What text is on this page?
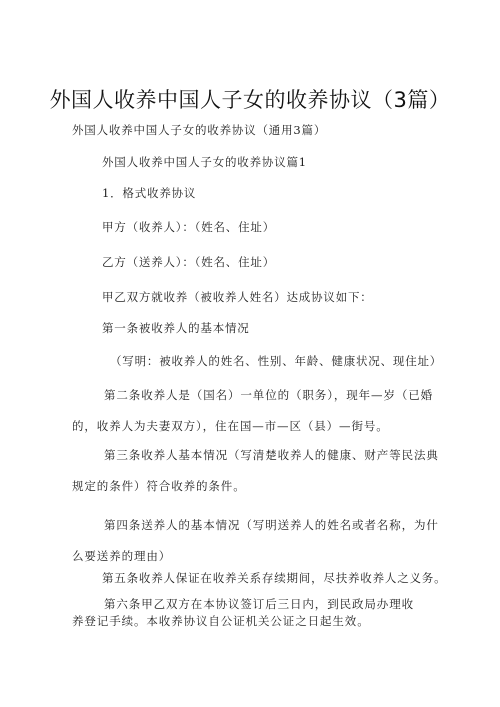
外国人收养中国人子女的收养协议（3篇）
外国人收养中国人子女的收养协议（通用3篇）
外国人收养中国人子女的收养协议篇1
1．格式收养协议
甲方（收养人）：（姓名、住址）
乙方（送养人）：（姓名、住址）
甲乙双方就收养（被收养人姓名）达成协议如下：
第一条被收养人的基本情况
（写明：被收养人的姓名、性别、年龄、健康状况、现住址）
第二条收养人是（国名）一单位的（职务），现年—岁（已婚的，收养人为夫妻双方），住在国—市—区（县）—街号。
第三条收养人基本情况（写清楚收养人的健康、财产等民法典规定的条件）符合收养的条件。
第四条送养人的基本情况（写明送养人的姓名或者名称，为什么要送养的理由）
第五条收养人保证在收养关系存续期间，尽扶养收养人之义务。
第六条甲乙双方在本协议签订后三日内，到民政局办理收养登记手续。本收养协议自公证机关公证之日起生效。
